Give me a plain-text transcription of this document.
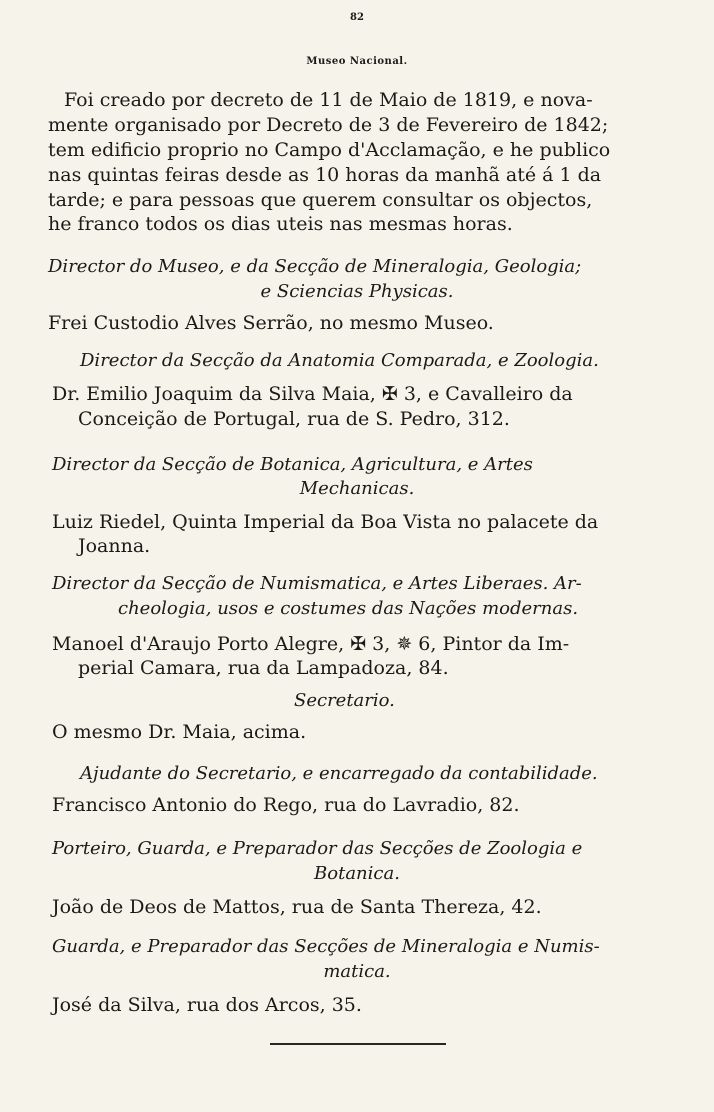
82
Museo Nacional.
Foi creado por decreto de 11 de Maio de 1819, e nova-
mente organisado por Decreto de 3 de Fevereiro de 1842;
tem edificio proprio no Campo d'Acclamação, e he publico
nas quintas feiras desde as 10 horas da manhã até á 1 da
tarde; e para pessoas que querem consultar os objectos,
he franco todos os dias uteis nas mesmas horas.
Director do Museo, e da Secção de Mineralogia, Geologia;
e Sciencias Physicas.
Frei Custodio Alves Serrão, no mesmo Museo.
Director da Secção da Anatomia Comparada, e Zoologia.
Dr. Emilio Joaquim da Silva Maia, ✠ 3, e Cavalleiro da
Conceição de Portugal, rua de S. Pedro, 312.
Director da Secção de Botanica, Agricultura, e Artes
Mechanicas.
Luiz Riedel, Quinta Imperial da Boa Vista no palacete da
Joanna.
Director da Secção de Numismatica, e Artes Liberaes. Ar-
cheologia, usos e costumes das Nações modernas.
Manoel d'Araujo Porto Alegre, ✠ 3, ✵ 6, Pintor da Im-
perial Camara, rua da Lampadoza, 84.
Secretario.
O mesmo Dr. Maia, acima.
Ajudante do Secretario, e encarregado da contabilidade.
Francisco Antonio do Rego, rua do Lavradio, 82.
Porteiro, Guarda, e Preparador das Secções de Zoologia e
Botanica.
João de Deos de Mattos, rua de Santa Thereza, 42.
Guarda, e Preparador das Secções de Mineralogia e Numis-
matica.
José da Silva, rua dos Arcos, 35.
